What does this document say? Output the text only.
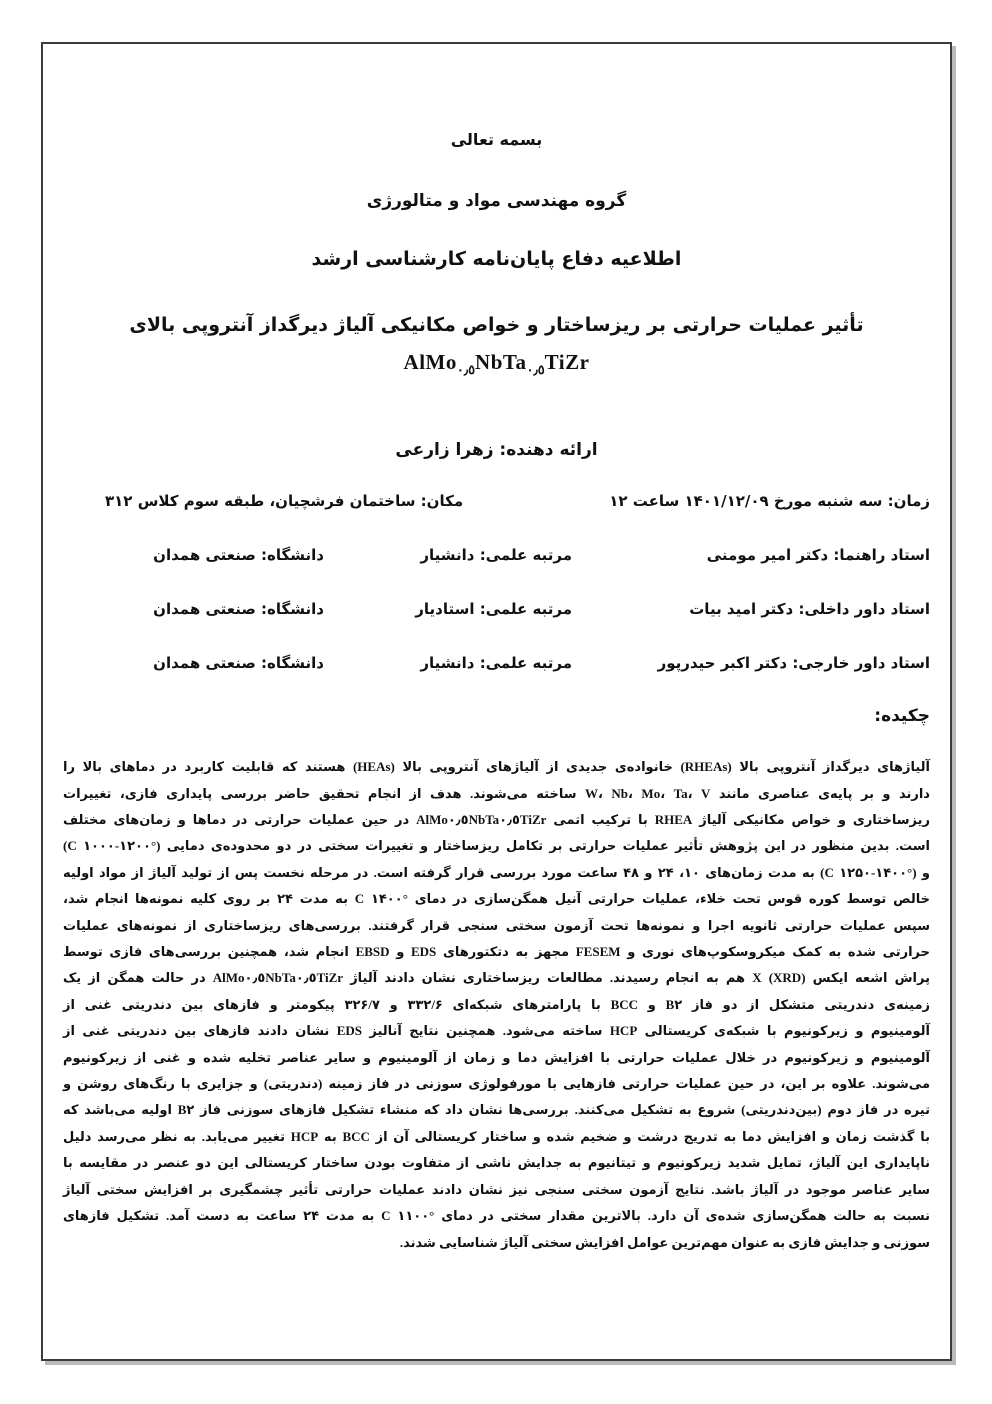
بسمه تعالی
گروه مهندسی مواد و متالورژی
اطلاعیه دفاع پایان‌نامه کارشناسی ارشد
تأثیر عملیات حرارتی بر ریزساختار و خواص مکانیکی آلیاژ دیرگداز آنتروپی بالای
AlMo$_{٠٫٥}$NbTa$_{٠٫٥}$TiZr
ارائه دهنده: زهرا زارعی
زمان: سه شنبه مورخ ۱۴۰۱/۱۲/۰۹ ساعت ۱۲
مکان: ساختمان فرشچیان، طبقه سوم کلاس ۳۱۲
استاد راهنما: دکتر امیر مومنی
مرتبه علمی: دانشیار
دانشگاه: صنعتی همدان
استاد داور داخلی: دکتر امید بیات
مرتبه علمی: استادیار
دانشگاه: صنعتی همدان
استاد داور خارجی: دکتر اکبر حیدرپور
مرتبه علمی: دانشیار
دانشگاه: صنعتی همدان
چکیده:
آلیاژهای دیرگداز آنتروپی بالا (RHEAs) خانواده‌ی جدیدی از آلیاژهای آنتروپی بالا (HEAs) هستند که قابلیت کاربرد در دماهای بالا را
دارند و بر پایه‌ی عناصری مانند W، Nb، Mo، Ta، V ساخته می‌شوند. هدف از انجام تحقیق حاضر بررسی پایداری فازی، تغییرات
ریزساختاری و خواص مکانیکی آلیاژ RHEA با ترکیب اتمی AlMo٠٫٥NbTa٠٫٥TiZr در حین عملیات حرارتی در دماها و زمان‌های مختلف
است. بدین منظور در این پژوهش تأثیر عملیات حرارتی بر تکامل ریزساختار و تغییرات سختی در دو محدوده‌ی دمایی (°C ۱۰۰۰-۱۲۰۰)
و (°C ۱۲۵۰-۱۴۰۰) به مدت زمان‌های ۱۰، ۲۴ و ۴۸ ساعت مورد بررسی قرار گرفته است. در مرحله نخست پس از تولید آلیاژ از مواد اولیه
خالص توسط کوره قوس تحت خلاء، عملیات حرارتی آنیل همگن‌سازی در دمای °C ۱۴۰۰ به مدت ۲۴ بر روی کلیه نمونه‌ها انجام شد،
سپس عملیات حرارتی ثانویه اجرا و نمونه‌ها تحت آزمون سختی سنجی قرار گرفتند. بررسی‌های ریزساختاری از نمونه‌های عملیات
حرارتی شده به کمک میکروسکوپ‌های نوری و FESEM مجهز به دتکتورهای EDS و EBSD انجام شد، همچنین بررسی‌های فازی توسط
پراش اشعه ایکس (XRD) X هم به انجام رسیدند. مطالعات ریزساختاری نشان دادند آلیاژ AlMo٠٫٥NbTa٠٫٥TiZr در حالت همگن از یک
زمینه‌ی دندریتی متشکل از دو فاز B۲ و BCC با پارامترهای شبکه‌ای ۳۳۲/۶ و ۳۲۶/۷ پیکومتر و فازهای بین دندریتی غنی از
آلومینیوم و زیرکونیوم با شبکه‌ی کریستالی HCP ساخته می‌شود. همچنین نتایج آنالیز EDS نشان دادند فازهای بین دندریتی غنی از
آلومینیوم و زیرکونیوم در خلال عملیات حرارتی با افزایش دما و زمان از آلومینیوم و سایر عناصر تخلیه شده و غنی از زیرکونیوم
می‌شوند. علاوه بر این، در حین عملیات حرارتی فازهایی با مورفولوژی سوزنی در فاز زمینه (دندریتی) و جزایری با رنگ‌های روشن و
تیره در فاز دوم (بین‌دندریتی) شروع به تشکیل می‌کنند. بررسی‌ها نشان داد که منشاء تشکیل فازهای سوزنی فاز B۲ اولیه می‌باشد که
با گذشت زمان و افزایش دما به تدریج درشت و ضخیم شده و ساختار کریستالی آن از BCC به HCP تغییر می‌یابد. به نظر می‌رسد دلیل
ناپایداری این آلیاژ، تمایل شدید زیرکونیوم و تیتانیوم به جدایش ناشی از متفاوت بودن ساختار کریستالی این دو عنصر در مقایسه با
سایر عناصر موجود در آلیاژ باشد. نتایج آزمون سختی سنجی نیز نشان دادند عملیات حرارتی تأثیر چشمگیری بر افزایش سختی آلیاژ
نسبت به حالت همگن‌سازی شده‌ی آن دارد. بالاترین مقدار سختی در دمای °C ۱۱۰۰ به مدت ۲۴ ساعت به دست آمد. تشکیل فازهای
سوزنی و جدایش فازی به عنوان مهم‌ترین عوامل افزایش سختی آلیاژ شناسایی شدند.
